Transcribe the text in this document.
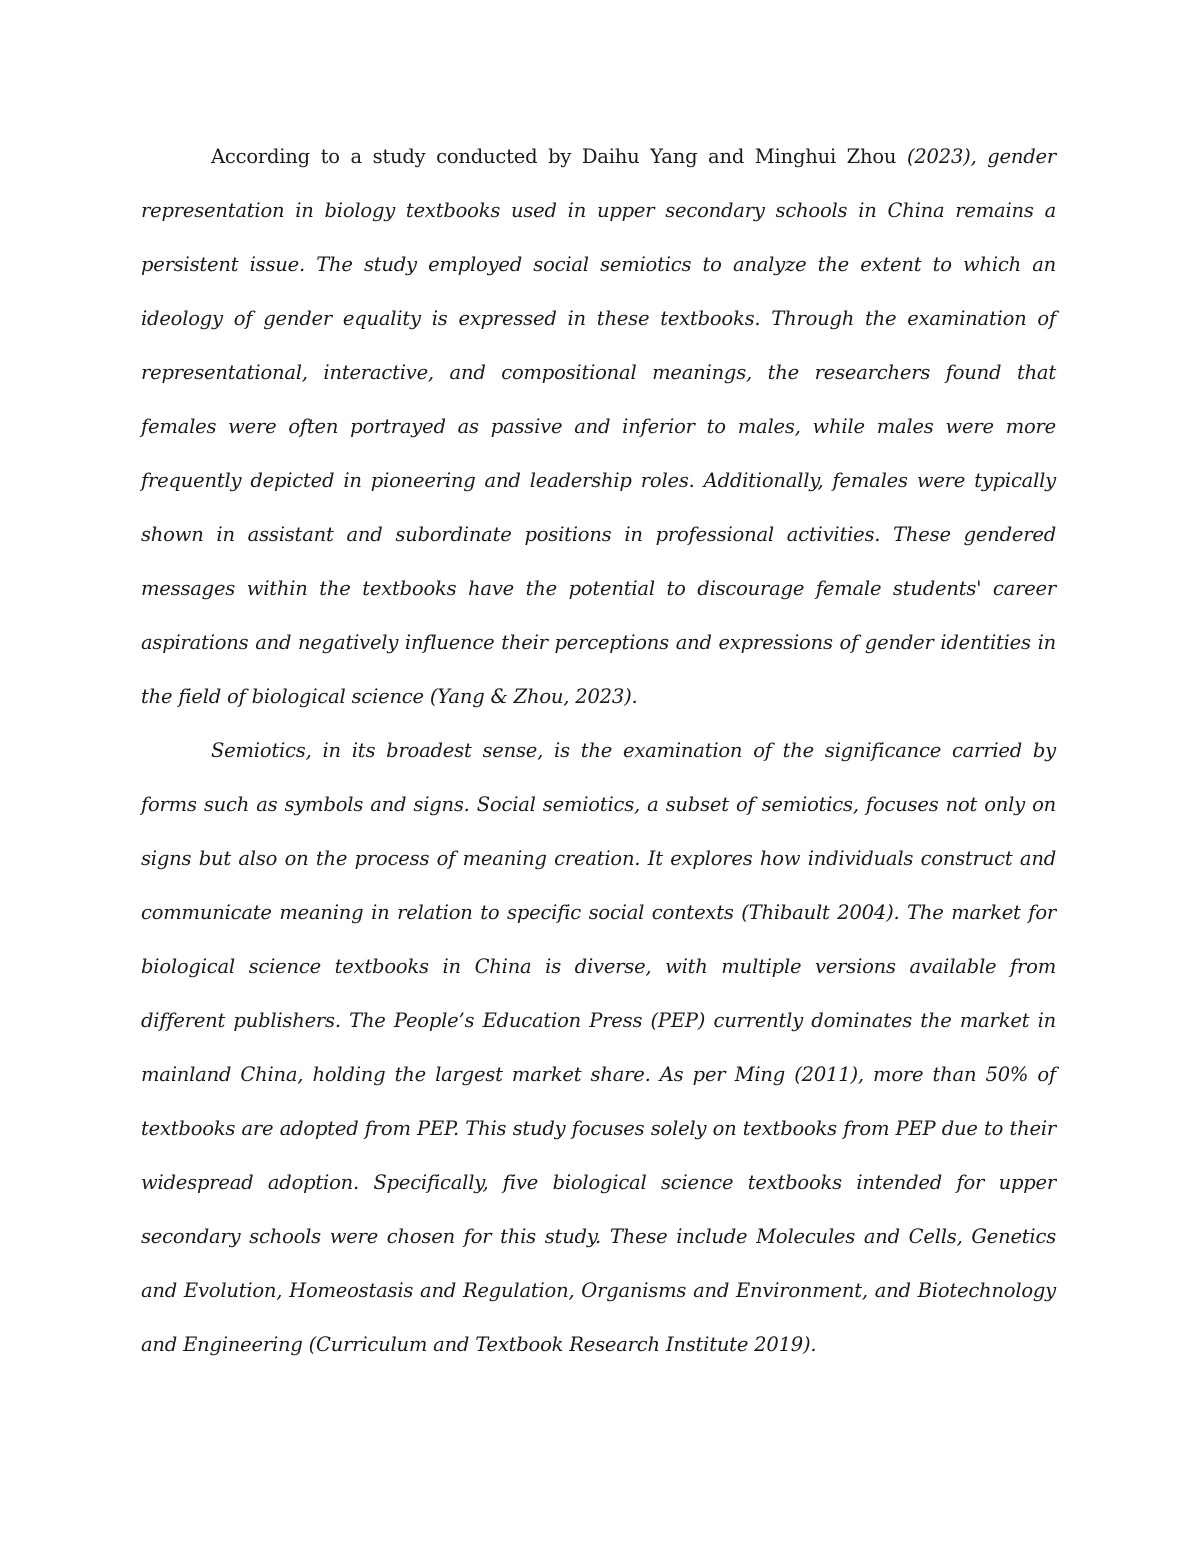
According to a study conducted by Daihu Yang and Minghui Zhou (2023), gender representation in biology textbooks used in upper secondary schools in China remains a persistent issue. The study employed social semiotics to analyze the extent to which an ideology of gender equality is expressed in these textbooks. Through the examination of representational, interactive, and compositional meanings, the researchers found that females were often portrayed as passive and inferior to males, while males were more frequently depicted in pioneering and leadership roles. Additionally, females were typically shown in assistant and subordinate positions in professional activities. These gendered messages within the textbooks have the potential to discourage female students' career aspirations and negatively influence their perceptions and expressions of gender identities in the field of biological science (Yang & Zhou, 2023).

Semiotics, in its broadest sense, is the examination of the significance carried by forms such as symbols and signs. Social semiotics, a subset of semiotics, focuses not only on signs but also on the process of meaning creation. It explores how individuals construct and communicate meaning in relation to specific social contexts (Thibault 2004). The market for biological science textbooks in China is diverse, with multiple versions available from different publishers. The People’s Education Press (PEP) currently dominates the market in mainland China, holding the largest market share. As per Ming (2011), more than 50% of textbooks are adopted from PEP. This study focuses solely on textbooks from PEP due to their widespread adoption. Specifically, five biological science textbooks intended for upper secondary schools were chosen for this study. These include Molecules and Cells, Genetics and Evolution, Homeostasis and Regulation, Organisms and Environment, and Biotechnology and Engineering (Curriculum and Textbook Research Institute 2019).
